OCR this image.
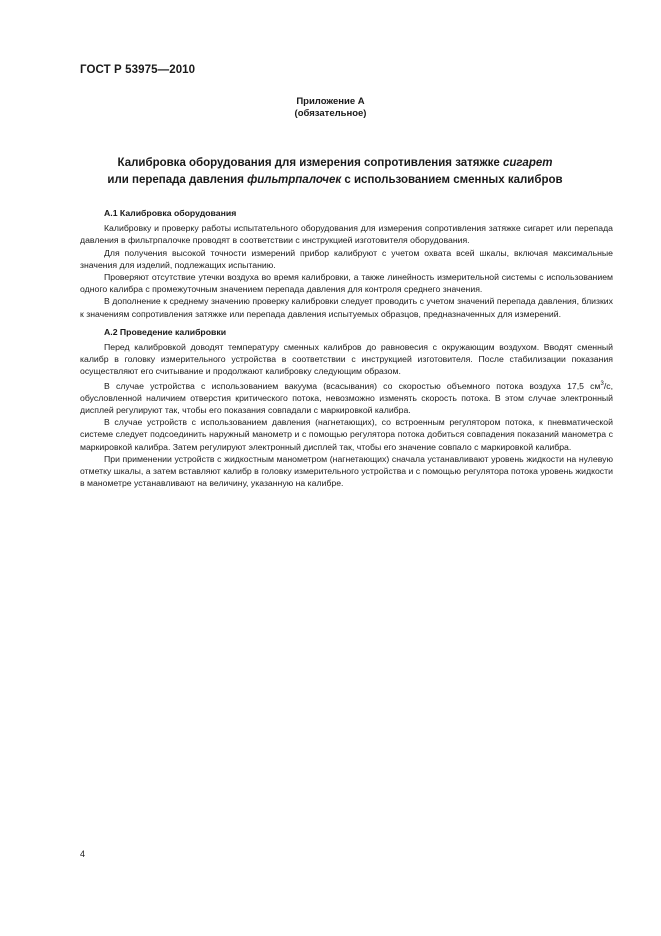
ГОСТ Р 53975—2010
Приложение А
(обязательное)
Калибровка оборудования для измерения сопротивления затяжке сигарет
или перепада давления фильтрпалочек с использованием сменных калибров
А.1 Калибровка оборудования

Калибровку и проверку работы испытательного оборудования для измерения сопротивления затяжке сигарет или перепада давления в фильтрпалочке проводят в соответствии с инструкцией изготовителя оборудования.

Для получения высокой точности измерений прибор калибруют с учетом охвата всей шкалы, включая максимальные значения для изделий, подлежащих испытанию.

Проверяют отсутствие утечки воздуха во время калибровки, а также линейность измерительной системы с использованием одного калибра с промежуточным значением перепада давления для контроля среднего значения.

В дополнение к среднему значению проверку калибровки следует проводить с учетом значений перепада давления, близких к значениям сопротивления затяжке или перепада давления испытуемых образцов, предназначенных для измерений.

А.2 Проведение калибровки

Перед калибровкой доводят температуру сменных калибров до равновесия с окружающим воздухом. Вводят сменный калибр в головку измерительного устройства в соответствии с инструкцией изготовителя. После стабилизации показания осуществляют его считывание и продолжают калибровку следующим образом.

В случае устройства с использованием вакуума (всасывания) со скоростью объемного потока воздуха 17,5 $см^3/с$, обусловленной наличием отверстия критического потока, невозможно изменять скорость потока. В этом случае электронный дисплей регулируют так, чтобы его показания совпадали с маркировкой калибра.

В случае устройств с использованием давления (нагнетающих), со встроенным регулятором потока, к пневматической системе следует подсоединить наружный манометр и с помощью регулятора потока добиться совпадения показаний манометра с маркировкой калибра. Затем регулируют электронный дисплей так, чтобы его значение совпало с маркировкой калибра.

При применении устройств с жидкостным манометром (нагнетающих) сначала устанавливают уровень жидкости на нулевую отметку шкалы, а затем вставляют калибр в головку измерительного устройства и с помощью регулятора потока уровень жидкости в манометре устанавливают на величину, указанную на калибре.

4
